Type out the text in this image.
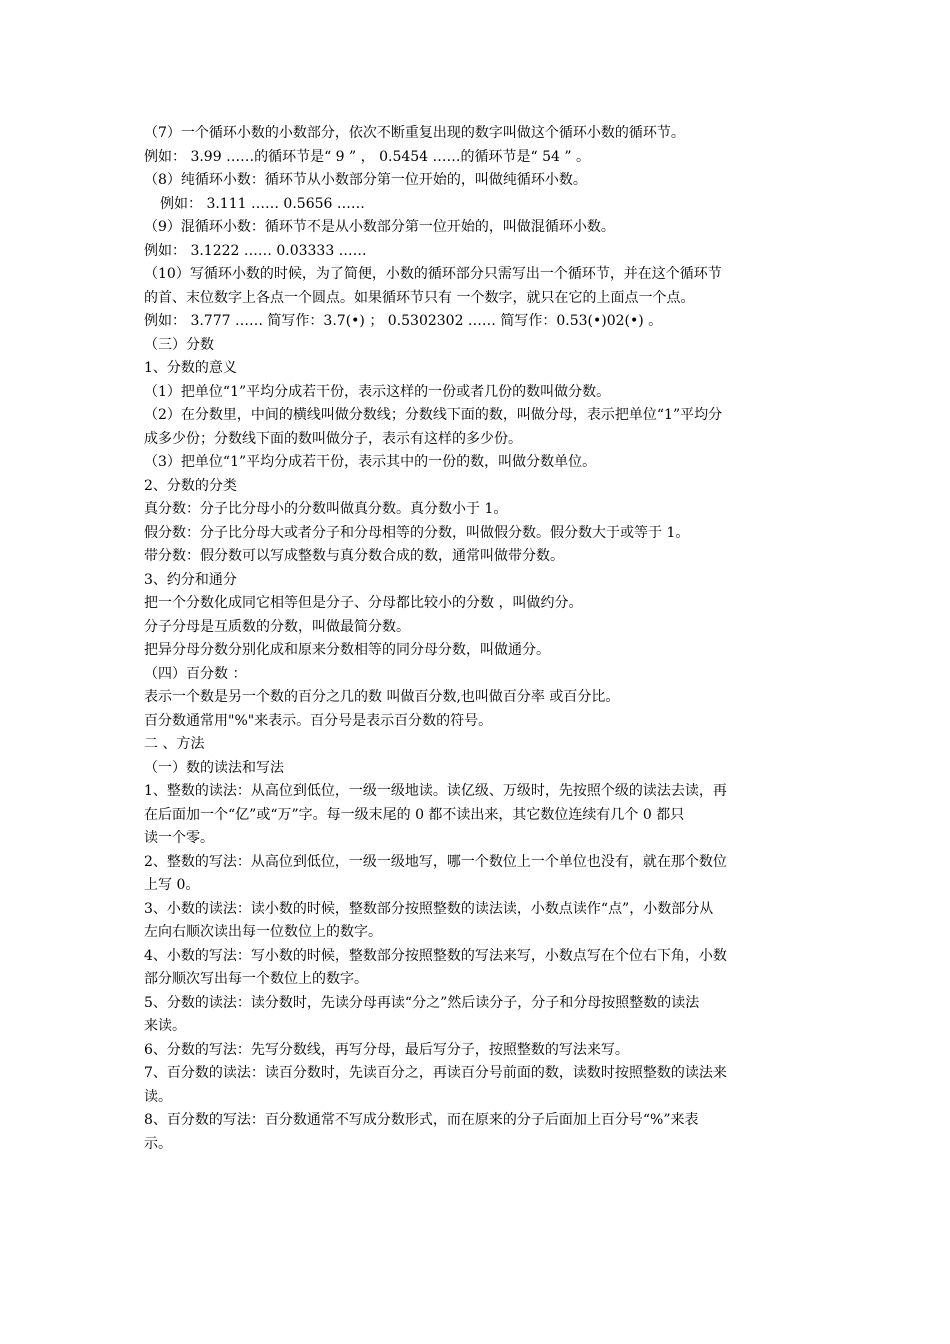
（7）一个循环小数的小数部分，依次不断重复出现的数字叫做这个循环小数的循环节。
例如： 3.99 ……的循环节是“ 9 ” ， 0.5454 ……的循环节是“ 54 ” 。
（8）纯循环小数：循环节从小数部分第一位开始的，叫做纯循环小数。
例如： 3.111 …… 0.5656 ……
（9）混循环小数：循环节不是从小数部分第一位开始的，叫做混循环小数。
例如： 3.1222 …… 0.03333 ……
（10）写循环小数的时候，为了简便，小数的循环部分只需写出一个循环节，并在这个循环节
的首、末位数字上各点一个圆点。如果循环节只有 一个数字，就只在它的上面点一个点。
例如： 3.777 …… 简写作：3.7(•) ； 0.5302302 …… 简写作：0.53(•)02(•) 。
（三）分数
1、分数的意义
（1）把单位“1”平均分成若干份，表示这样的一份或者几份的数叫做分数。
（2）在分数里，中间的横线叫做分数线；分数线下面的数，叫做分母，表示把单位“1”平均分
成多少份；分数线下面的数叫做分子，表示有这样的多少份。
（3）把单位“1”平均分成若干份，表示其中的一份的数，叫做分数单位。
2、分数的分类
真分数：分子比分母小的分数叫做真分数。真分数小于 1。
假分数：分子比分母大或者分子和分母相等的分数，叫做假分数。假分数大于或等于 1。
带分数：假分数可以写成整数与真分数合成的数，通常叫做带分数。
3、约分和通分
把一个分数化成同它相等但是分子、分母都比较小的分数 ，叫做约分。
分子分母是互质数的分数，叫做最简分数。
把异分母分数分别化成和原来分数相等的同分母分数，叫做通分。
（四）百分数 ：
表示一个数是另一个数的百分之几的数 叫做百分数,也叫做百分率 或百分比。
百分数通常用"%"来表示。百分号是表示百分数的符号。
二 、方法
（一）数的读法和写法
1、整数的读法：从高位到低位，一级一级地读。读亿级、万级时，先按照个级的读法去读，再
在后面加一个“亿”或“万”字。每一级末尾的 0 都不读出来，其它数位连续有几个 0 都只
读一个零。
2、整数的写法：从高位到低位，一级一级地写，哪一个数位上一个单位也没有，就在那个数位
上写 0。
3、小数的读法：读小数的时候，整数部分按照整数的读法读，小数点读作“点”，小数部分从
左向右顺次读出每一位数位上的数字。
4、小数的写法：写小数的时候，整数部分按照整数的写法来写，小数点写在个位右下角，小数
部分顺次写出每一个数位上的数字。
5、分数的读法：读分数时，先读分母再读“分之”然后读分子，分子和分母按照整数的读法
来读。
6、分数的写法：先写分数线，再写分母，最后写分子，按照整数的写法来写。
7、百分数的读法：读百分数时，先读百分之，再读百分号前面的数，读数时按照整数的读法来
读。
8、百分数的写法：百分数通常不写成分数形式，而在原来的分子后面加上百分号“%”来表
示。
